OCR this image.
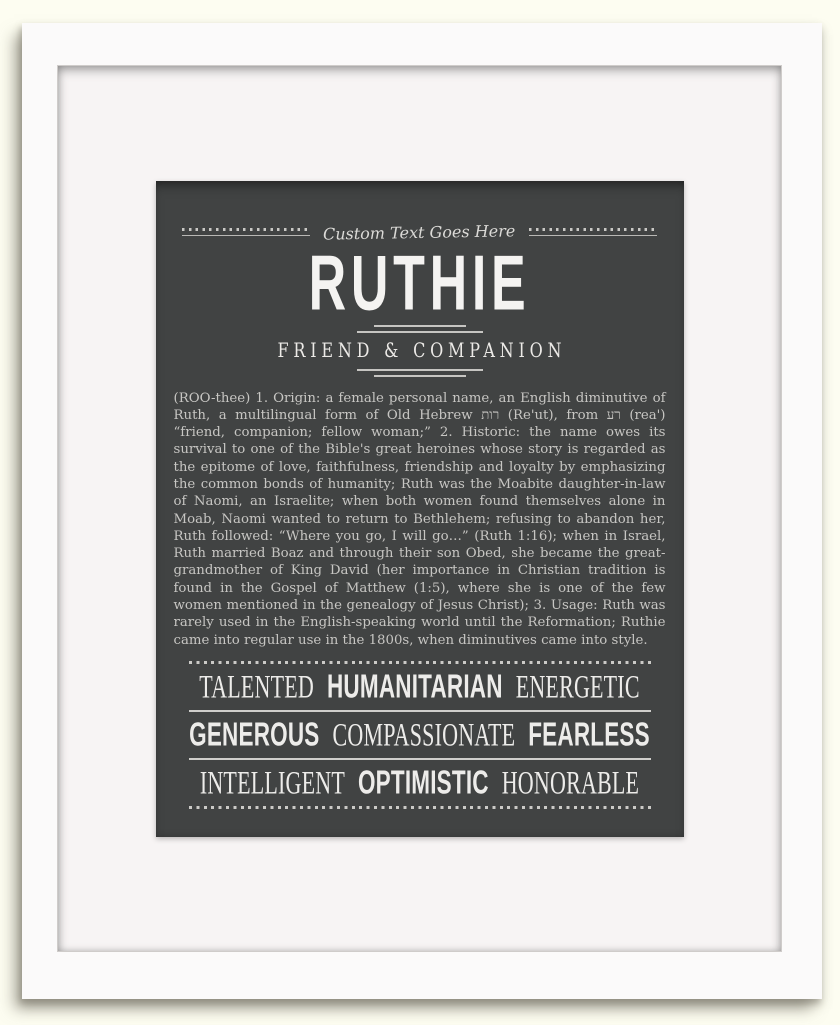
Custom Text Goes Here
RUTHIE
FRIEND & COMPANION

(ROO-thee) 1. Origin: a female personal name, an English diminutive of Ruth, a multilingual form of Old Hebrew רות (Re'ut), from רע (rea') “friend, companion; fellow woman;” 2. Historic: the name owes its survival to one of the Bible's great heroines whose story is regarded as the epitome of love, faithfulness, friendship and loyalty by emphasizing the common bonds of humanity; Ruth was the Moabite daughter-in-law of Naomi, an Israelite; when both women found themselves alone in Moab, Naomi wanted to return to Bethlehem; refusing to abandon her, Ruth followed: “Where you go, I will go…” (Ruth 1:16); when in Israel, Ruth married Boaz and through their son Obed, she became the great-grandmother of King David (her importance in Christian tradition is found in the Gospel of Matthew (1:5), where she is one of the few women mentioned in the genealogy of Jesus Christ); 3. Usage: Ruth was rarely used in the English-speaking world until the Reformation; Ruthie came into regular use in the 1800s, when diminutives came into style.

TALENTED HUMANITARIAN ENERGETIC
GENEROUS COMPASSIONATE FEARLESS
INTELLIGENT OPTIMISTIC HONORABLE
